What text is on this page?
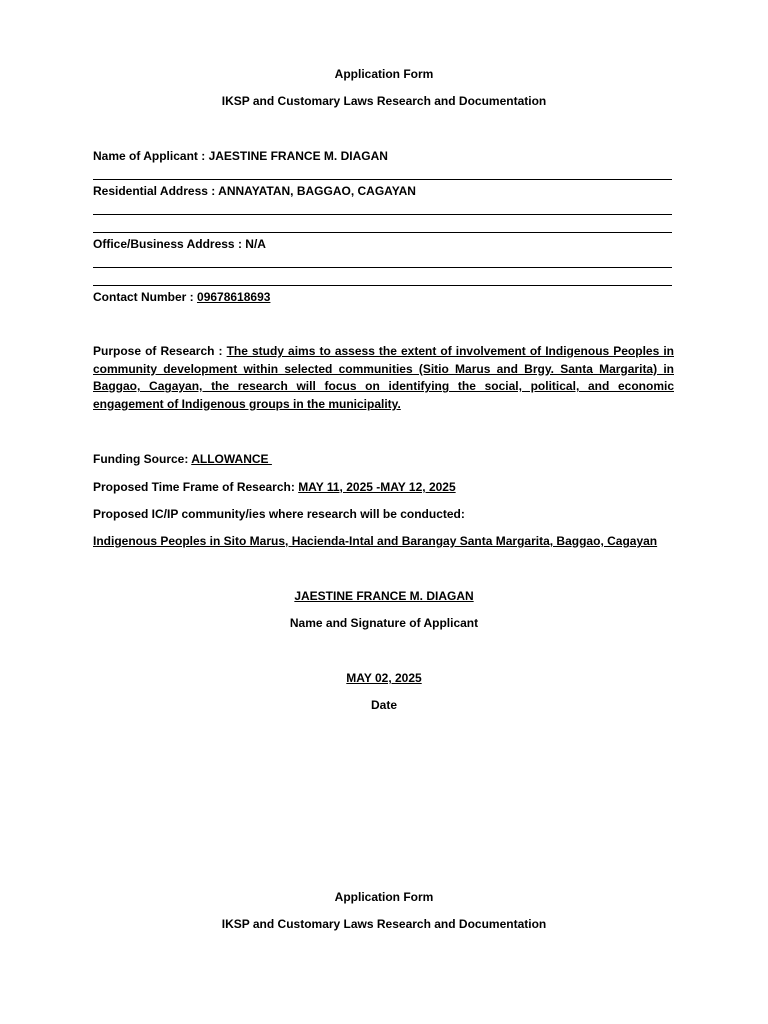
Application Form
IKSP and Customary Laws Research and Documentation
Name of Applicant : JAESTINE FRANCE M. DIAGAN
Residential Address : ANNAYATAN, BAGGAO, CAGAYAN
Office/Business Address : N/A
Contact Number : 09678618693
Purpose of Research : The study aims to assess the extent of involvement of Indigenous Peoples in community development within selected communities (Sitio Marus and Brgy. Santa Margarita) in Baggao, Cagayan, the research will focus on identifying the social, political, and economic engagement of Indigenous groups in the municipality.
Funding Source: ALLOWANCE
Proposed Time Frame of Research: MAY 11, 2025 -MAY 12, 2025
Proposed IC/IP community/ies where research will be conducted:
Indigenous Peoples in Sito Marus, Hacienda-Intal and Barangay Santa Margarita, Baggao, Cagayan
JAESTINE FRANCE M. DIAGAN
Name and Signature of Applicant
MAY 02, 2025
Date
Application Form
IKSP and Customary Laws Research and Documentation
